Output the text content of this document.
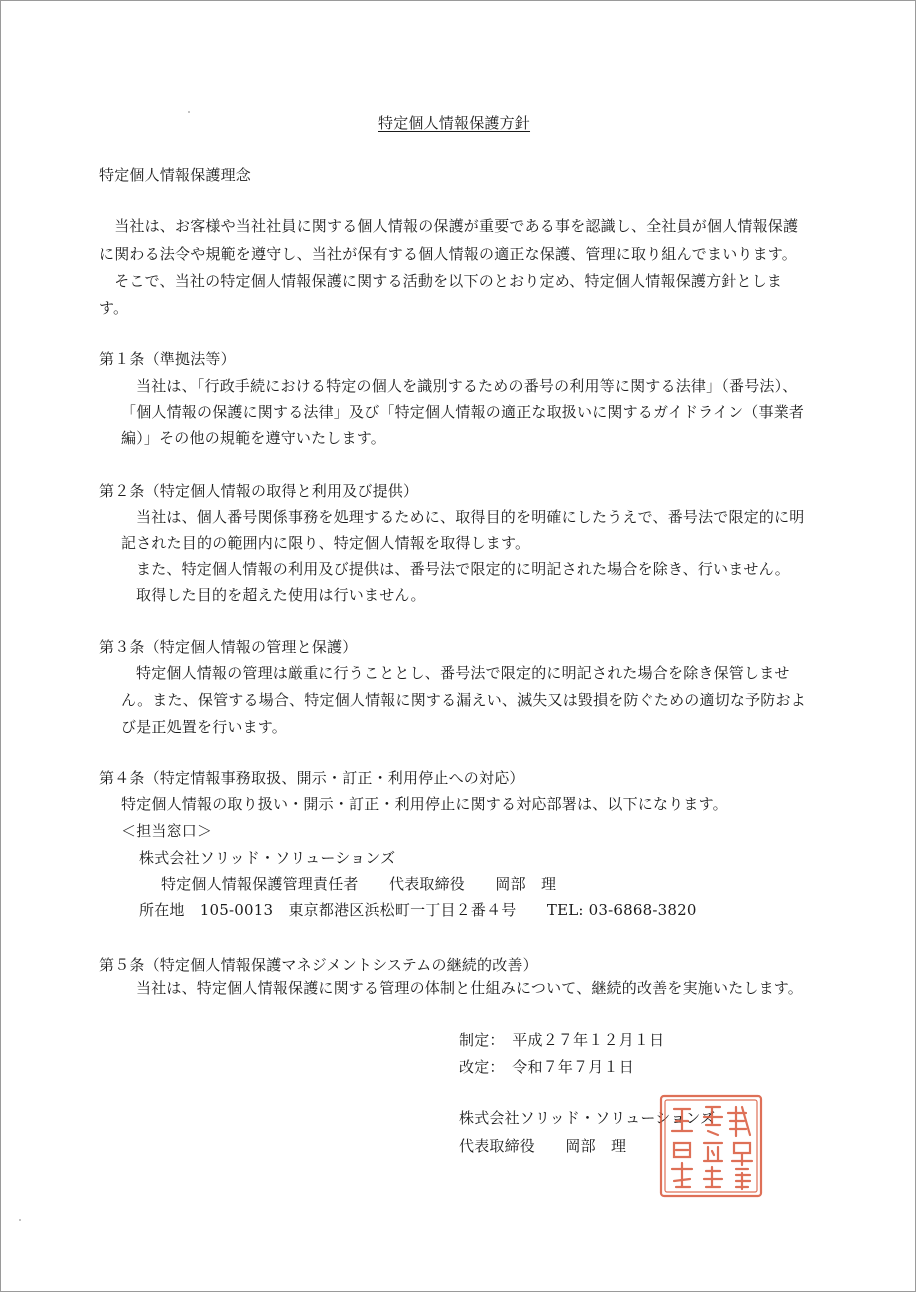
特定個人情報保護方針
特定個人情報保護理念
　当社は、お客様や当社社員に関する個人情報の保護が重要である事を認識し、全社員が個人情報保護
に関わる法令や規範を遵守し、当社が保有する個人情報の適正な保護、管理に取り組んでまいります。
　そこで、当社の特定個人情報保護に関する活動を以下のとおり定め、特定個人情報保護方針としま
す。
第１条（準拠法等）
当社は、「行政手続における特定の個人を識別するための番号の利用等に関する法律」（番号法）、
「個人情報の保護に関する法律」及び「特定個人情報の適正な取扱いに関するガイドライン（事業者
編）」その他の規範を遵守いたします。
第２条（特定個人情報の取得と利用及び提供）
当社は、個人番号関係事務を処理するために、取得目的を明確にしたうえで、番号法で限定的に明
記された目的の範囲内に限り、特定個人情報を取得します。
また、特定個人情報の利用及び提供は、番号法で限定的に明記された場合を除き、行いません。
取得した目的を超えた使用は行いません。
第３条（特定個人情報の管理と保護）
特定個人情報の管理は厳重に行うこととし、番号法で限定的に明記された場合を除き保管しませ
ん。また、保管する場合、特定個人情報に関する漏えい、滅失又は毀損を防ぐための適切な予防およ
び是正処置を行います。
第４条（特定情報事務取扱、開示・訂正・利用停止への対応）
特定個人情報の取り扱い・開示・訂正・利用停止に関する対応部署は、以下になります。
＜担当窓口＞
株式会社ソリッド・ソリューションズ
特定個人情報保護管理責任者　　代表取締役　　岡部　理
所在地　105-0013　東京都港区浜松町一丁目２番４号　　TEL: 03-6868-3820
第５条（特定個人情報保護マネジメントシステムの継続的改善）
当社は、特定個人情報保護に関する管理の体制と仕組みについて、継続的改善を実施いたします。
制定：　平成２７年１２月１日
改定：　令和７年７月１日
株式会社ソリッド・ソリューションズ
代表取締役　　岡部　理
